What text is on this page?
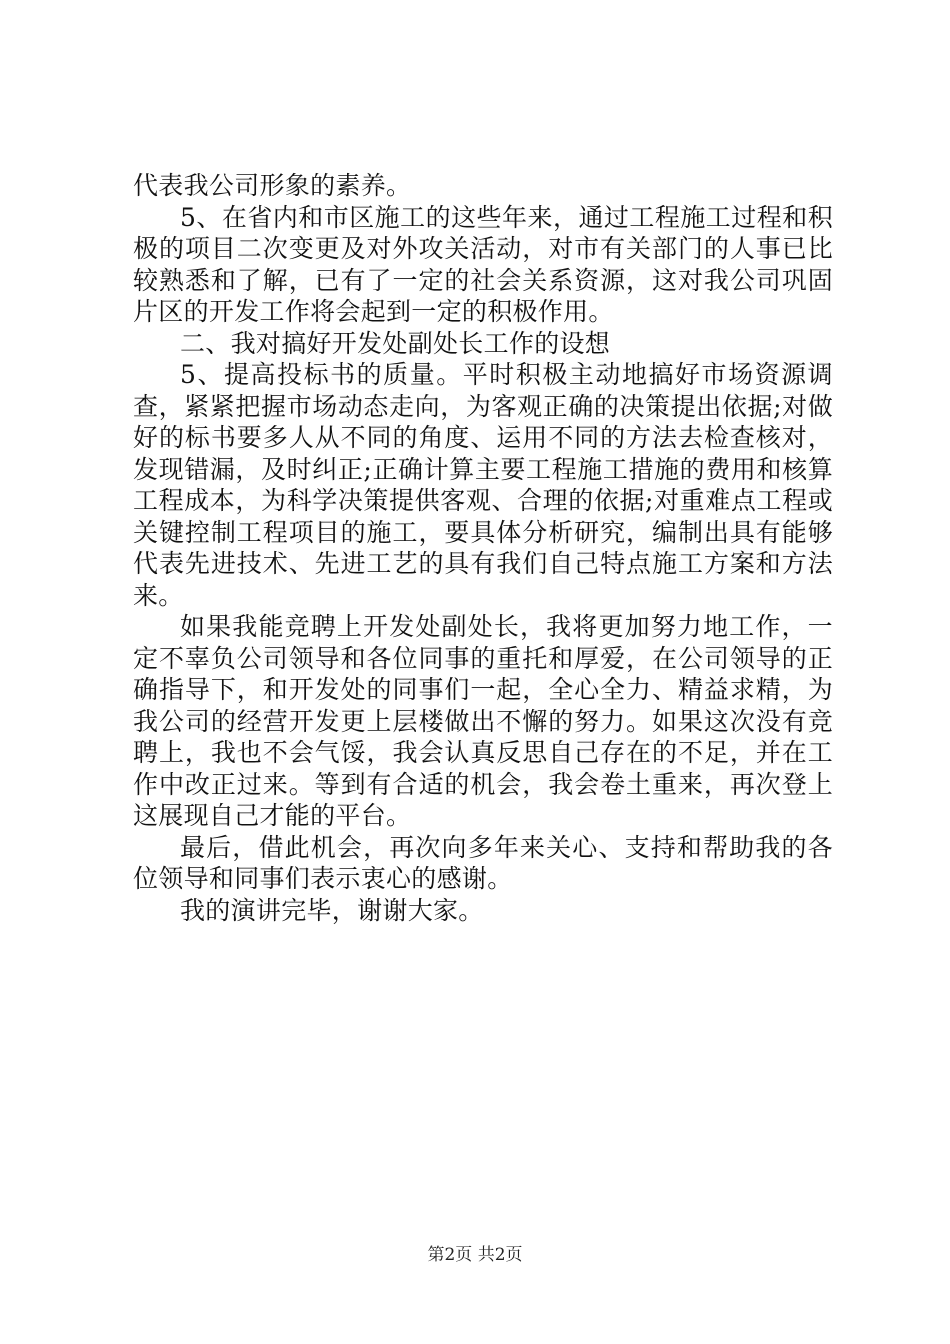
代表我公司形象的素养。

5、在省内和市区施工的这些年来，通过工程施工过程和积极的项目二次变更及对外攻关活动，对市有关部门的人事已比较熟悉和了解，已有了一定的社会关系资源，这对我公司巩固片区的开发工作将会起到一定的积极作用。

二、我对搞好开发处副处长工作的设想

5、提高投标书的质量。平时积极主动地搞好市场资源调查，紧紧把握市场动态走向，为客观正确的决策提出依据;对做好的标书要多人从不同的角度、运用不同的方法去检查核对，发现错漏，及时纠正;正确计算主要工程施工措施的费用和核算工程成本，为科学决策提供客观、合理的依据;对重难点工程或关键控制工程项目的施工，要具体分析研究，编制出具有能够代表先进技术、先进工艺的具有我们自己特点施工方案和方法来。

如果我能竞聘上开发处副处长，我将更加努力地工作，一定不辜负公司领导和各位同事的重托和厚爱，在公司领导的正确指导下，和开发处的同事们一起，全心全力、精益求精，为我公司的经营开发更上层楼做出不懈的努力。如果这次没有竞聘上，我也不会气馁，我会认真反思自己存在的不足，并在工作中改正过来。等到有合适的机会，我会卷土重来，再次登上这展现自己才能的平台。

最后，借此机会，再次向多年来关心、支持和帮助我的各位领导和同事们表示衷心的感谢。

我的演讲完毕，谢谢大家。

第2页 共2页
